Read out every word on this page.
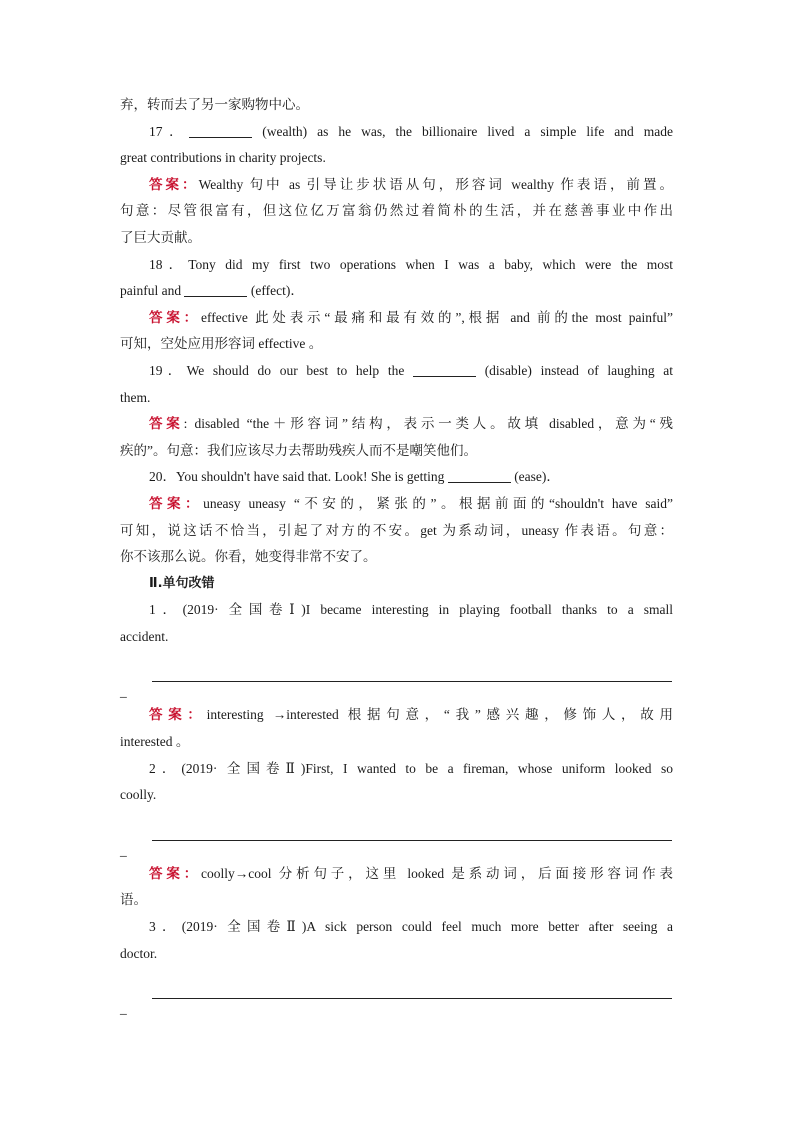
弃，转而去了另一家购物中心。
17．	(wealth) as he was, the billionaire lived a simple life and made
great contributions in charity projects.
答案：Wealthy 句中 as 引导让步状语从句，形容词 wealthy 作表语，前置。
句意：尽管很富有，但这位亿万富翁仍然过着简朴的生活，并在慈善事业中作出
了巨大贡献。
18．Tony did my first two operations when I was a baby, which were the most
painful and	(effect)．
答案：effective 此处表示“最痛和最有效的”,根据 and 前的the most painful”
可知，空处应用形容词 effective 。
19．We should do our best to help the	(disable) instead of laughing at
them.
答案: disabled “the＋形容词”结构，表示一类人。故填 disabled，意为“残
疾的”。句意：我们应该尽力去帮助残疾人而不是嘲笑他们。
20．You shouldn't have said that. Look! She is getting	(ease)．
答案：uneasy uneasy “不安的，紧张的”。根据前面的“shouldn't have said”
可知，说这话不恰当，引起了对方的不安。get 为系动词，uneasy 作表语。句意：
你不该那么说。你看，她变得非常不安了。
Ⅱ.单句改错
1．(2019· 全国卷Ⅰ)I became interesting in playing football thanks to a small
accident.
_
答案：interesting →interested 根据句意，“我”感兴趣，修饰人，故用
interested 。
2．(2019· 全国卷Ⅱ)First, I wanted to be a fireman, whose uniform looked so
coolly.
_
答案：coolly→cool 分析句子，这里 looked 是系动词，后面接形容词作表
语。
3．(2019· 全国卷Ⅱ)A sick person could feel much more better after seeing a
doctor.
_
